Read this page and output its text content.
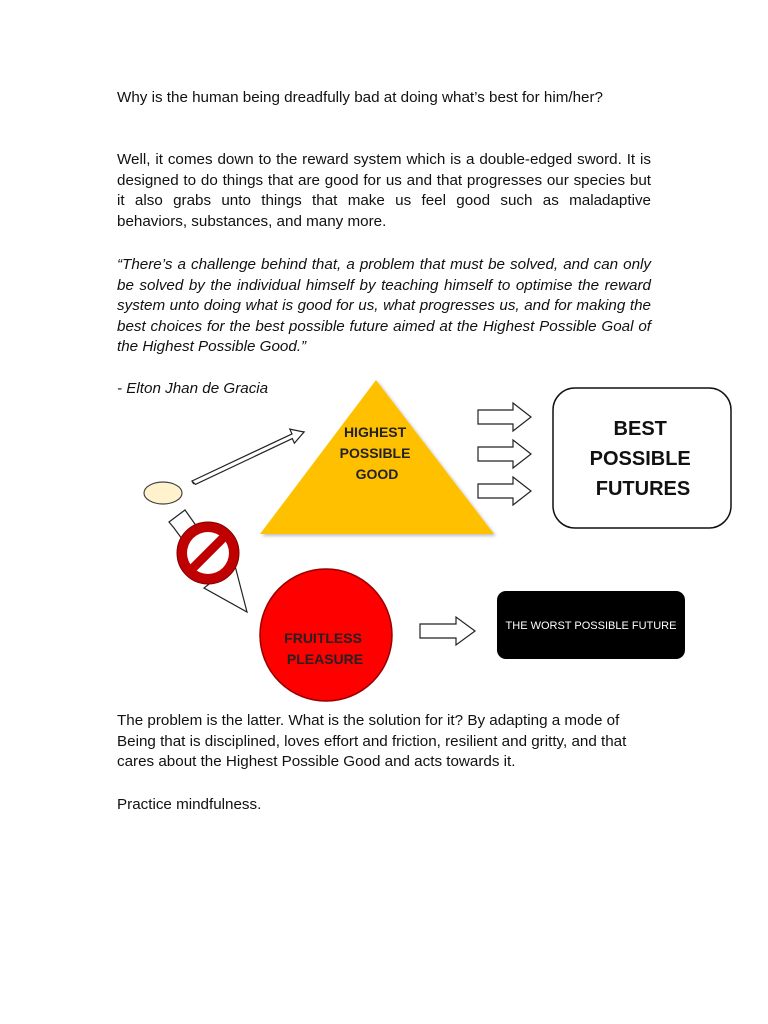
Why is the human being dreadfully bad at doing what’s best for him/her?

Well, it comes down to the reward system which is a double-edged sword. It is designed to do things that are good for us and that progresses our species but it also grabs unto things that make us feel good such as maladaptive behaviors, substances, and many more.

“There’s a challenge behind that, a problem that must be solved, and can only be solved by the individual himself by teaching himself to optimise the reward system unto doing what is good for us, what progresses us, and for making the best choices for the best possible future aimed at the Highest Possible Goal of the Highest Possible Good.”

- Elton Jhan de Gracia

The problem is the latter. What is the solution for it? By adapting a mode of Being that is disciplined, loves effort and friction, resilient and gritty, and that cares about the Highest Possible Good and acts towards it.

Practice mindfulness.

HIGHEST POSSIBLE GOOD
BEST POSSIBLE FUTURES
FRUITLESS PLEASURE
THE WORST POSSIBLE FUTURE
